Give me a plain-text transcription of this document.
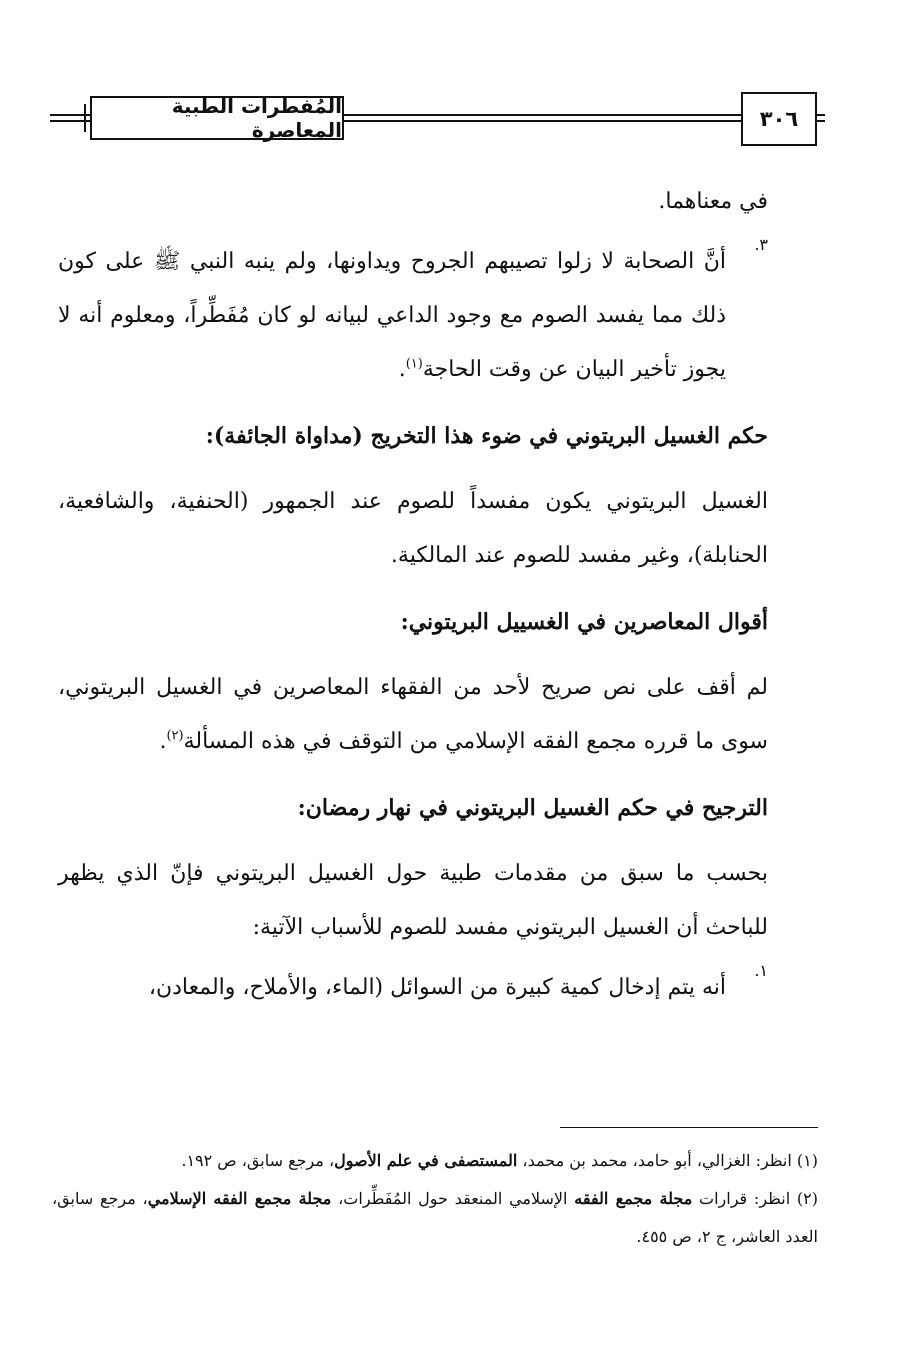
٣٠٦
المُفطرات الطبية المعاصرة

في معناهما.

٣.

أنَّ الصحابة لا زلوا تصيبهم الجروح ويداونها، ولم ينبه النبي ﷺ على كون ذلك مما يفسد الصوم مع وجود الداعي لبيانه لو كان مُفَطِّراً، ومعلوم أنه لا يجوز تأخير البيان عن وقت الحاجة$^{(١)}$.

حكم الغسيل البريتوني في ضوء هذا التخريج (مداواة الجائفة):

الغسيل البريتوني يكون مفسداً للصوم عند الجمهور (الحنفية، والشافعية، الحنابلة)، وغير مفسد للصوم عند المالكية.

أقوال المعاصرين في الغسييل البريتوني:

لم أقف على نص صريح لأحد من الفقهاء المعاصرين في الغسيل البريتوني، سوى ما قرره مجمع الفقه الإسلامي من التوقف في هذه المسألة$^{(٢)}$.

الترجيح في حكم الغسيل البريتوني في نهار رمضان:

بحسب ما سبق من مقدمات طبية حول الغسيل البريتوني فإنّ الذي يظهر للباحث أن الغسيل البريتوني مفسد للصوم للأسباب الآتية:

١.

أنه يتم إدخال كمية كبيرة من السوائل (الماء، والأملاح، والمعادن،

(١) انظر: الغزالي، أبو حامد، محمد بن محمد، المستصفى في علم الأصول، مرجع سابق، ص ١٩٢.

(٢) انظر: قرارات مجلة مجمع الفقه الإسلامي المنعقد حول المُفَطِّرات، مجلة مجمع الفقه الإسلامي، مرجع سابق، العدد العاشر، ج ٢، ص ٤٥٥.
